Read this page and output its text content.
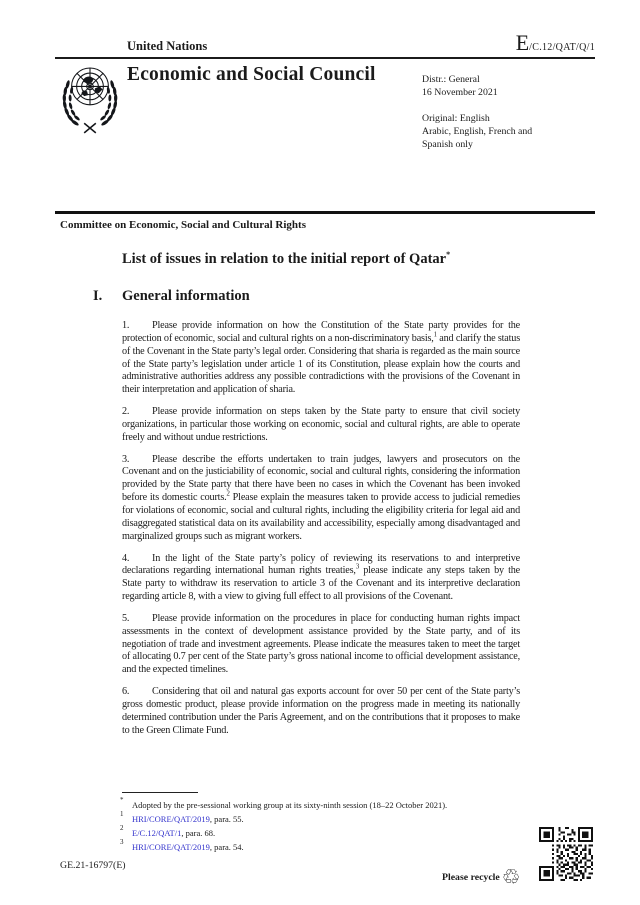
United Nations	E/C.12/QAT/Q/1
Economic and Social Council	Distr.: General
16 November 2021
Original: English
Arabic, English, French and
Spanish only
Committee on Economic, Social and Cultural Rights
List of issues in relation to the initial report of Qatar*
I. General information

1. Please provide information on how the Constitution of the State party provides for the protection of economic, social and cultural rights on a non-discriminatory basis,$^1$ and clarify the status of the Covenant in the State party’s legal order. Considering that sharia is regarded as the main source of the State party’s legislation under article 1 of its Constitution, please explain how the courts and administrative authorities address any possible contradictions with the provisions of the Covenant in their interpretation and application of sharia.

2. Please provide information on steps taken by the State party to ensure that civil society organizations, in particular those working on economic, social and cultural rights, are able to operate freely and without undue restrictions.

3. Please describe the efforts undertaken to train judges, lawyers and prosecutors on the Covenant and on the justiciability of economic, social and cultural rights, considering the information provided by the State party that there have been no cases in which the Covenant has been invoked before its domestic courts.$^2$ Please explain the measures taken to provide access to judicial remedies for violations of economic, social and cultural rights, including the eligibility criteria for legal aid and disaggregated statistical data on its availability and accessibility, especially among disadvantaged and marginalized groups such as migrant workers.

4. In the light of the State party’s policy of reviewing its reservations to and interpretive declarations regarding international human rights treaties,$^3$ please indicate any steps taken by the State party to withdraw its reservation to article 3 of the Covenant and its interpretive declaration regarding article 8, with a view to giving full effect to all provisions of the Covenant.

5. Please provide information on the procedures in place for conducting human rights impact assessments in the context of development assistance provided by the State party, and of its negotiation of trade and investment agreements. Please indicate the measures taken to meet the target of allocating 0.7 per cent of the State party’s gross national income to official development assistance, and the expected timelines.

6. Considering that oil and natural gas exports account for over 50 per cent of the State party’s gross domestic product, please provide information on the progress made in meeting its nationally determined contribution under the Paris Agreement, and on the contributions that it proposes to make to the Green Climate Fund.

*Adopted by the pre-sessional working group at its sixty-ninth session (18–22 October 2021).
$^1$HRI/CORE/QAT/2019, para. 55.
$^2$E/C.12/QAT/1, para. 68.
$^3$HRI/CORE/QAT/2019, para. 54.
GE.21-16797(E)
Please recycle♲
